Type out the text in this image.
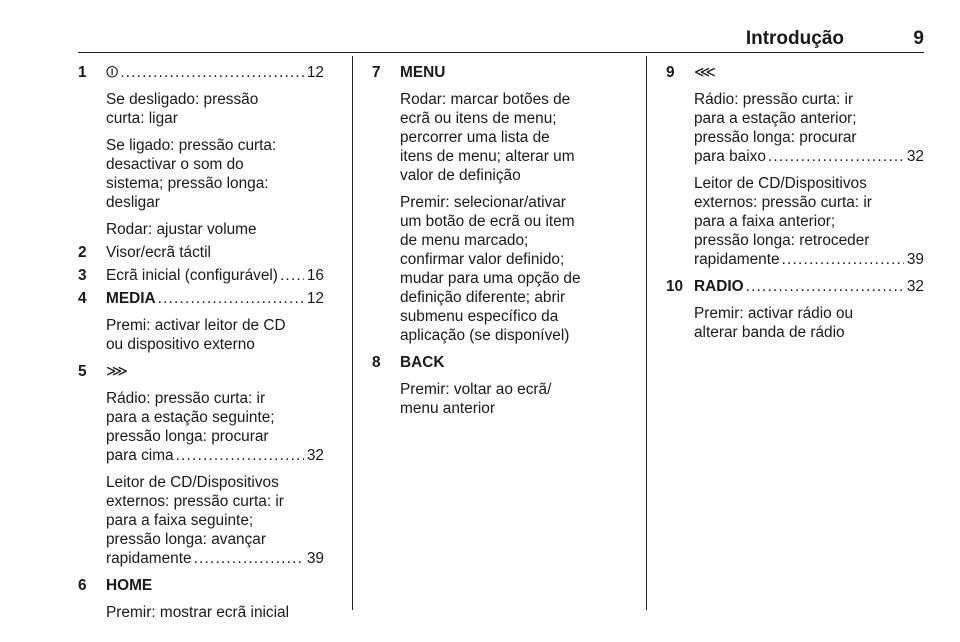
Introdução	9
1 ⏼ .....	12
Se desligado: pressão
curta: ligar
Se ligado: pressão curta:
desactivar o som do
sistema; pressão longa: desligar
Rodar: ajustar volume
2 Visor/ecrã táctil
3 Ecrã inicial (configurável) ..... 16
4 MEDIA .....	12
Premi: activar leitor de CD
ou dispositivo externo
5 ⋙
Rádio: pressão curta: ir
para a estação seguinte;
pressão longa: procurar
para cima .....	32
Leitor de CD/Dispositivos
externos: pressão curta: ir
para a faixa seguinte;
pressão longa: avançar
rapidamente .....	39
6 HOME
Premir: mostrar ecrã inicial
7 MENU
Rodar: marcar botões de
ecrã ou itens de menu;
percorrer uma lista de
itens de menu; alterar um
valor de definição
Premir: selecionar/ativar
um botão de ecrã ou item
de menu marcado;
confirmar valor definido;
mudar para uma opção de
definição diferente; abrir
submenu específico da
aplicação (se disponível)
8 BACK
Premir: voltar ao ecrã/
menu anterior
9 ⋘
Rádio: pressão curta: ir
para a estação anterior;
pressão longa: procurar
para baixo .....	32
Leitor de CD/Dispositivos
externos: pressão curta: ir
para a faixa anterior;
pressão longa: retroceder
rapidamente .....	39
10 RADIO .....	32
Premir: activar rádio ou
alterar banda de rádio
